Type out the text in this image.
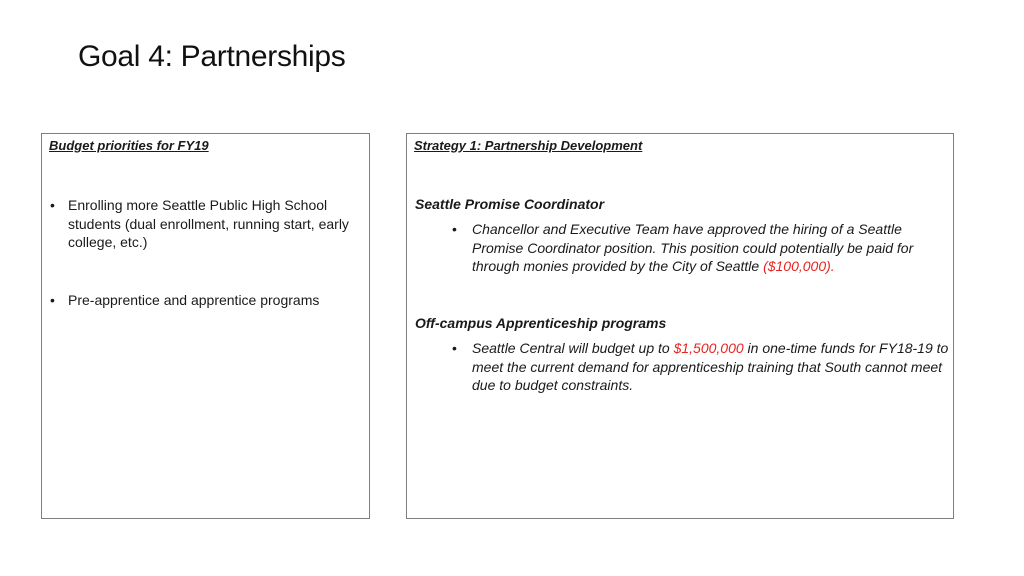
Goal 4: Partnerships
Budget priorities for FY19
• Enrolling more Seattle Public High School students (dual enrollment, running start, early college, etc.)
• Pre-apprentice and apprentice programs
Strategy 1: Partnership Development
Seattle Promise Coordinator
• Chancellor and Executive Team have approved the hiring of a Seattle Promise Coordinator position. This position could potentially be paid for through monies provided by the City of Seattle ($100,000).
Off-campus Apprenticeship programs
• Seattle Central will budget up to $1,500,000 in one-time funds for FY18-19 to meet the current demand for apprenticeship training that South cannot meet due to budget constraints.
